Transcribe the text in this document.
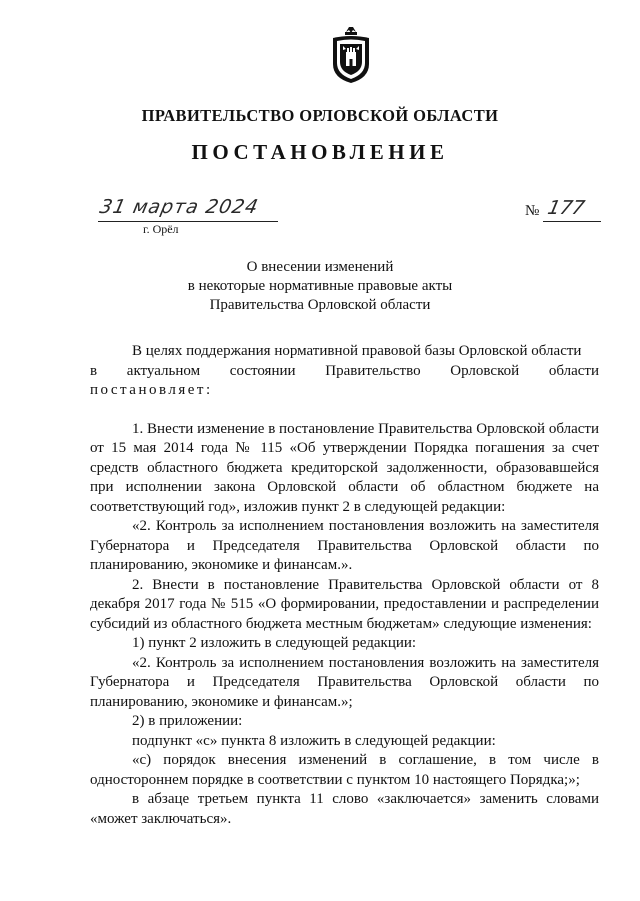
ПРАВИТЕЛЬСТВО ОРЛОВСКОЙ ОБЛАСТИ
ПОСТАНОВЛЕНИЕ
31 марта 2024
г. Орёл
№ 177
О внесении изменений
в некоторые нормативные правовые акты
Правительства Орловской области

В целях поддержания нормативной правовой базы Орловской области

в актуальном состоянии Правительство Орловской области

постановляет:

1. Внести изменение в постановление Правительства Орловской области от 15 мая 2014 года № 115 «Об утверждении Порядка погашения за счет средств областного бюджета кредиторской задолженности, образовавшейся при исполнении закона Орловской области об областном бюджете на соответствующий год», изложив пункт 2 в следующей редакции:

«2. Контроль за исполнением постановления возложить на заместителя Губернатора и Председателя Правительства Орловской области по планированию, экономике и финансам.».

2. Внести в постановление Правительства Орловской области от 8 декабря 2017 года № 515 «О формировании, предоставлении и распределении субсидий из областного бюджета местным бюджетам» следующие изменения:

1) пункт 2 изложить в следующей редакции:

«2. Контроль за исполнением постановления возложить на заместителя Губернатора и Председателя Правительства Орловской области по планированию, экономике и финансам.»;

2) в приложении:

подпункт «с» пункта 8 изложить в следующей редакции:

«с) порядок внесения изменений в соглашение, в том числе в одностороннем порядке в соответствии с пунктом 10 настоящего Порядка;»;

в абзаце третьем пункта 11 слово «заключается» заменить словами «может заключаться».
